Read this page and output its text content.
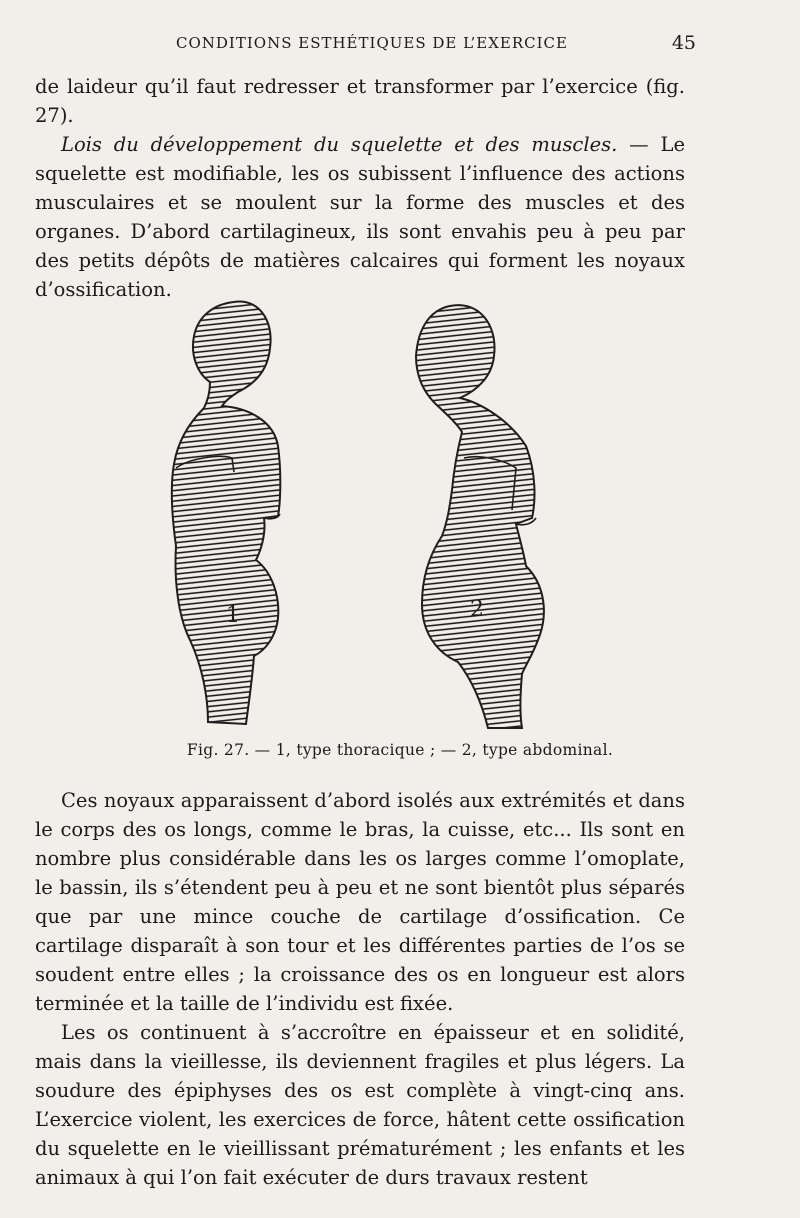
CONDITIONS ESTHÉTIQUES DE L’EXERCICE	45

de laideur qu’il faut redresser et transformer par l’exercice (fig. 27).

Lois du développement du squelette et des muscles. — Le squelette est modifiable, les os subissent l’influence des actions musculaires et se moulent sur la forme des muscles et des organes. D’abord cartilagineux, ils sont envahis peu à peu par des petits dépôts de matières calcaires qui forment les noyaux d’ossification.

1	2
Fig. 27. — 1, type thoracique ; — 2, type abdominal.

Ces noyaux apparaissent d’abord isolés aux extrémités et dans le corps des os longs, comme le bras, la cuisse, etc... Ils sont en nombre plus considérable dans les os larges comme l’omoplate, le bassin, ils s’étendent peu à peu et ne sont bientôt plus séparés que par une mince couche de cartilage d’ossification. Ce cartilage disparaît à son tour et les différentes parties de l’os se soudent entre elles ; la croissance des os en longueur est alors terminée et la taille de l’individu est fixée.

Les os continuent à s’accroître en épaisseur et en solidité, mais dans la vieillesse, ils deviennent fragiles et plus légers. La soudure des épiphyses des os est complète à vingt-cinq ans. L’exercice violent, les exercices de force, hâtent cette ossification du squelette en le vieillissant prématurément ; les enfants et les animaux à qui l’on fait exécuter de durs travaux restent
